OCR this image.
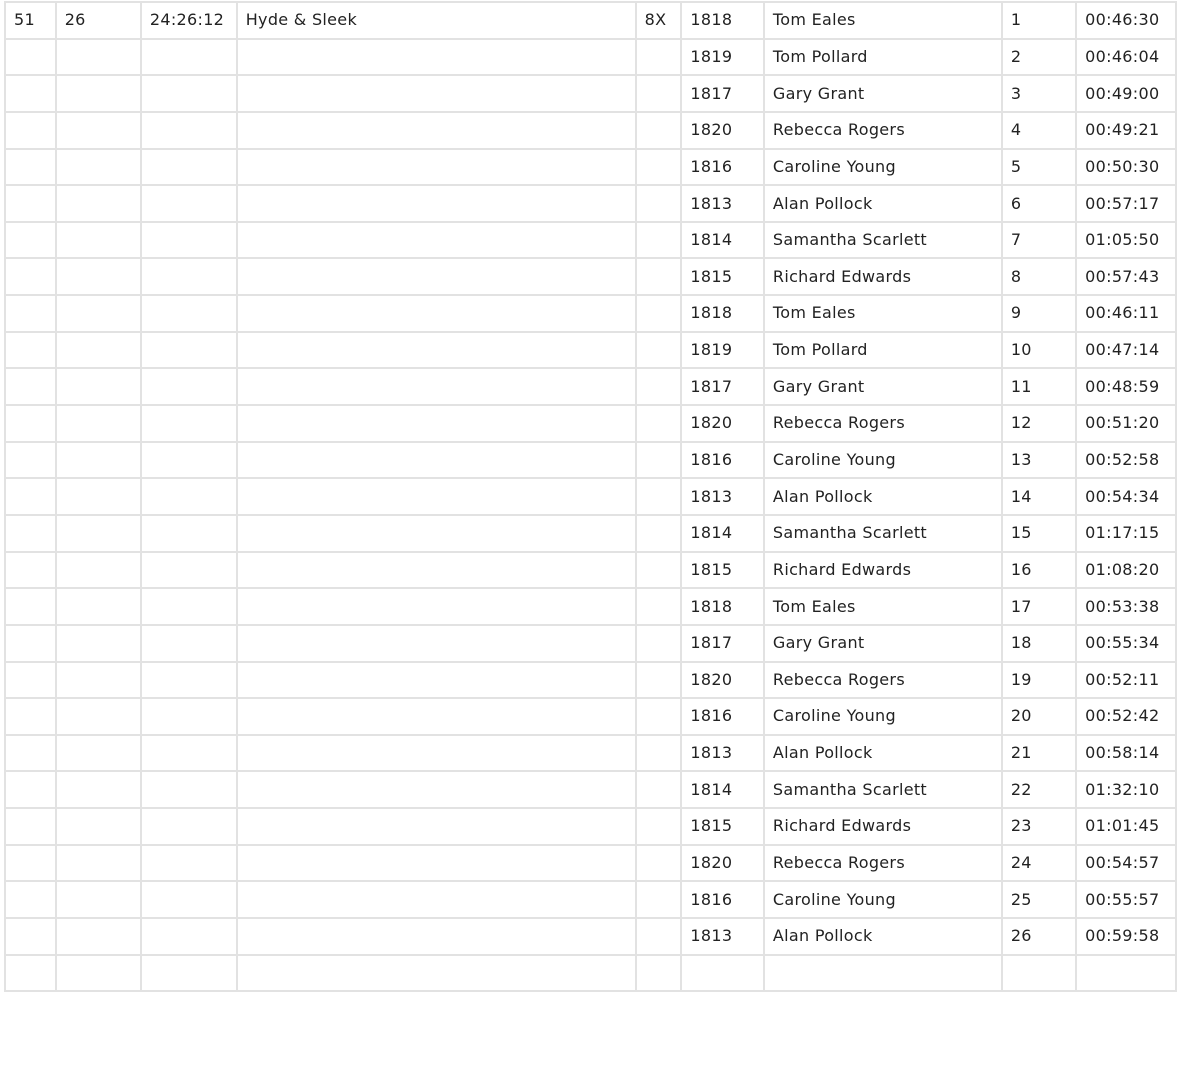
51	26	24:26:12	Hyde & Sleek	8X	1818	Tom Eales	1	00:46:30
					1819	Tom Pollard	2	00:46:04
					1817	Gary Grant	3	00:49:00
					1820	Rebecca Rogers	4	00:49:21
					1816	Caroline Young	5	00:50:30
					1813	Alan Pollock	6	00:57:17
					1814	Samantha Scarlett	7	01:05:50
					1815	Richard Edwards	8	00:57:43
					1818	Tom Eales	9	00:46:11
					1819	Tom Pollard	10	00:47:14
					1817	Gary Grant	11	00:48:59
					1820	Rebecca Rogers	12	00:51:20
					1816	Caroline Young	13	00:52:58
					1813	Alan Pollock	14	00:54:34
					1814	Samantha Scarlett	15	01:17:15
					1815	Richard Edwards	16	01:08:20
					1818	Tom Eales	17	00:53:38
					1817	Gary Grant	18	00:55:34
					1820	Rebecca Rogers	19	00:52:11
					1816	Caroline Young	20	00:52:42
					1813	Alan Pollock	21	00:58:14
					1814	Samantha Scarlett	22	01:32:10
					1815	Richard Edwards	23	01:01:45
					1820	Rebecca Rogers	24	00:54:57
					1816	Caroline Young	25	00:55:57
					1813	Alan Pollock	26	00:59:58
